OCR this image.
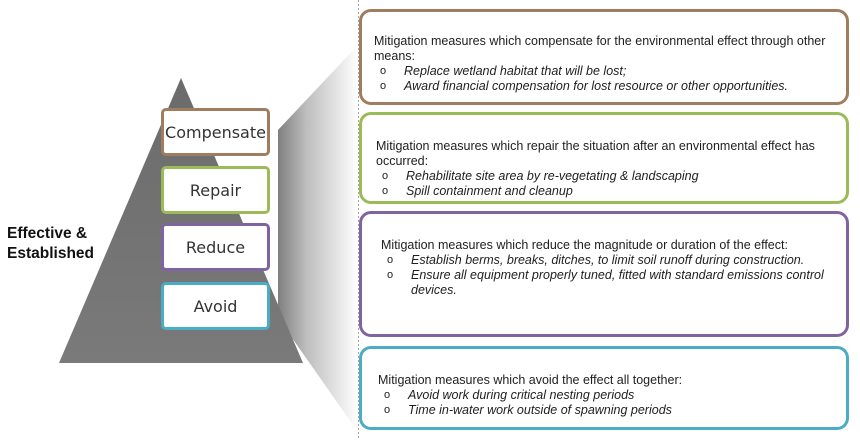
Effective &
Established
Compensate
Repair
Reduce
Avoid

Mitigation measures which compensate for the environmental effect through other means:

o Replace wetland habitat that will be lost;
o Award financial compensation for lost resource or other opportunities.

Mitigation measures which repair the situation after an environmental effect has occurred:

o Rehabilitate site area by re-vegetating & landscaping
o Spill containment and cleanup

Mitigation measures which reduce the magnitude or duration of the effect:

o Establish berms, breaks, ditches, to limit soil runoff during construction.
o Ensure all equipment properly tuned, fitted with standard emissions control devices.

Mitigation measures which avoid the effect all together:

o Avoid work during critical nesting periods
o Time in-water work outside of spawning periods
